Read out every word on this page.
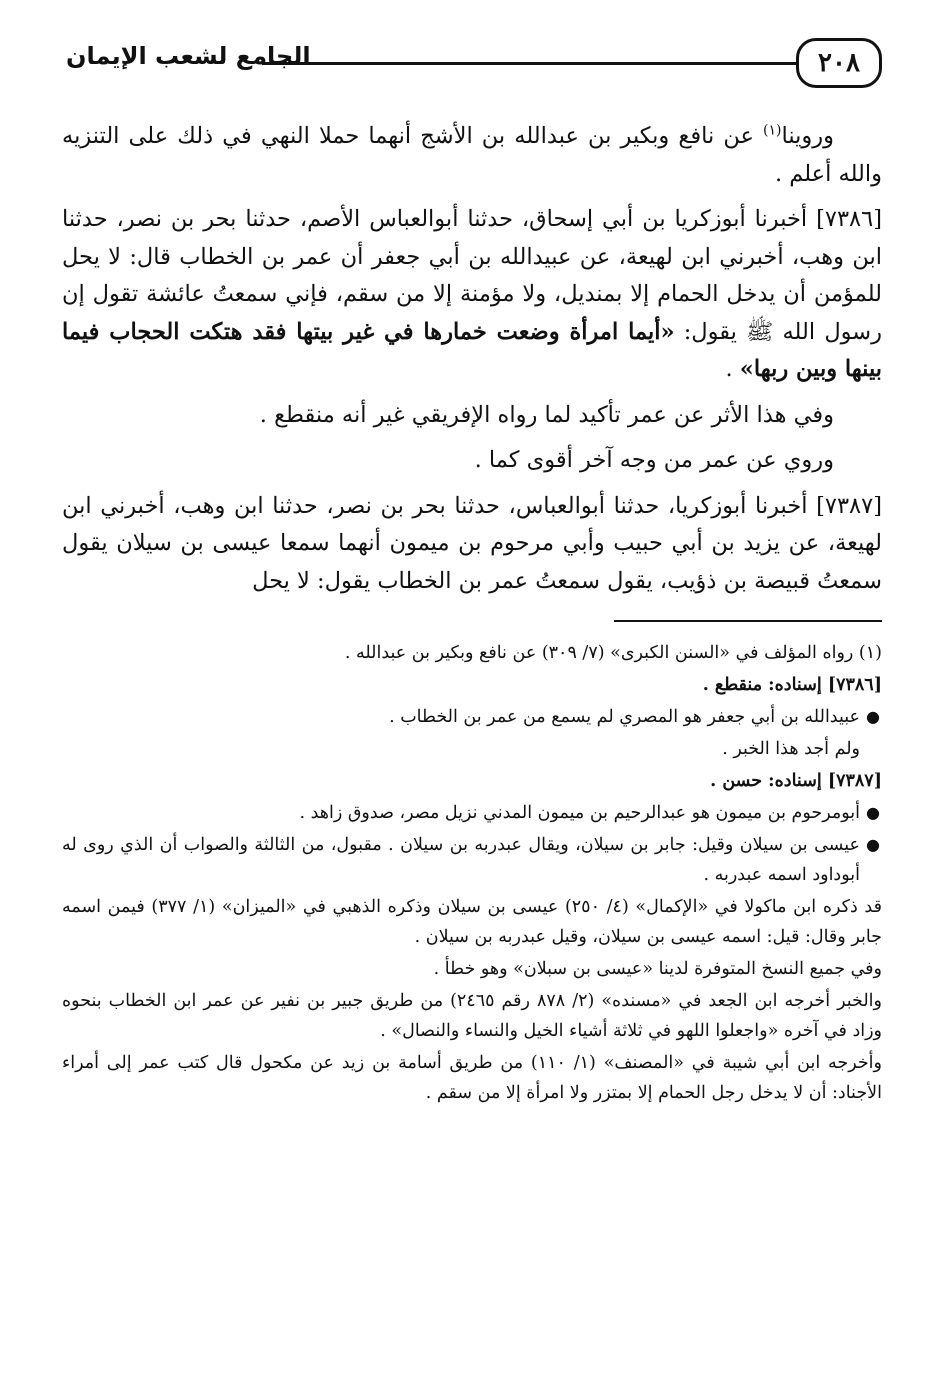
٢٠٨
الجامع لشعب الإيمان

وروينا$^{(١)}$ عن نافع وبكير بن عبدالله بن الأشج أنهما حملا النهي في ذلك على التنزيه والله أعلم .

[٧٣٨٦] أخبرنا أبوزكريا بن أبي إسحاق، حدثنا أبوالعباس الأصم، حدثنا بحر بن نصر، حدثنا ابن وهب، أخبرني ابن لهيعة، عن عبيدالله بن أبي جعفر أن عمر بن الخطاب قال: لا يحل للمؤمن أن يدخل الحمام إلا بمنديل، ولا مؤمنة إلا من سقم، فإني سمعتُ عائشة تقول إن رسول الله ﷺ يقول: «أيما امرأة وضعت خمارها في غير بيتها فقد هتكت الحجاب فيما بينها وبين ربها» .

وفي هذا الأثر عن عمر تأكيد لما رواه الإفريقي غير أنه منقطع .

وروي عن عمر من وجه آخر أقوى كما .

[٧٣٨٧] أخبرنا أبوزكريا، حدثنا أبوالعباس، حدثنا بحر بن نصر، حدثنا ابن وهب، أخبرني ابن لهيعة، عن يزيد بن أبي حبيب وأبي مرحوم بن ميمون أنهما سمعا عيسى بن سيلان يقول سمعتُ قبيصة بن ذؤيب، يقول سمعتُ عمر بن الخطاب يقول: لا يحل

(١) رواه المؤلف في «السنن الكبرى» (٧/ ٣٠٩) عن نافع وبكير بن عبدالله .

[٧٣٨٦] إسناده: منقطع .

●
عبيدالله بن أبي جعفر هو المصري لم يسمع من عمر بن الخطاب .

ولم أجد هذا الخبر .

[٧٣٨٧] إسناده: حسن .

●
أبومرحوم بن ميمون هو عبدالرحيم بن ميمون المدني نزيل مصر، صدوق زاهد .
●
عيسى بن سيلان وقيل: جابر بن سيلان، ويقال عبدربه بن سيلان . مقبول، من الثالثة والصواب أن الذي روى له أبوداود اسمه عبدربه .

قد ذكره ابن ماكولا في «الإكمال» (٤/ ٢٥٠) عيسى بن سيلان وذكره الذهبي في «الميزان» (١/ ٣٧٧) فيمن اسمه جابر وقال: قيل: اسمه عيسى بن سيلان، وقيل عبدربه بن سيلان .

وفي جميع النسخ المتوفرة لدينا «عيسى بن سبلان» وهو خطأ .

والخبر أخرجه ابن الجعد في «مسنده» (٢/ ٨٧٨ رقم ٢٤٦٥) من طريق جبير بن نفير عن عمر ابن الخطاب بنحوه وزاد في آخره «واجعلوا اللهو في ثلاثة أشياء الخيل والنساء والنصال» .

وأخرجه ابن أبي شيبة في «المصنف» (١/ ١١٠) من طريق أسامة بن زيد عن مكحول قال كتب عمر إلى أمراء الأجناد: أن لا يدخل رجل الحمام إلا بمتزر ولا امرأة إلا من سقم .
